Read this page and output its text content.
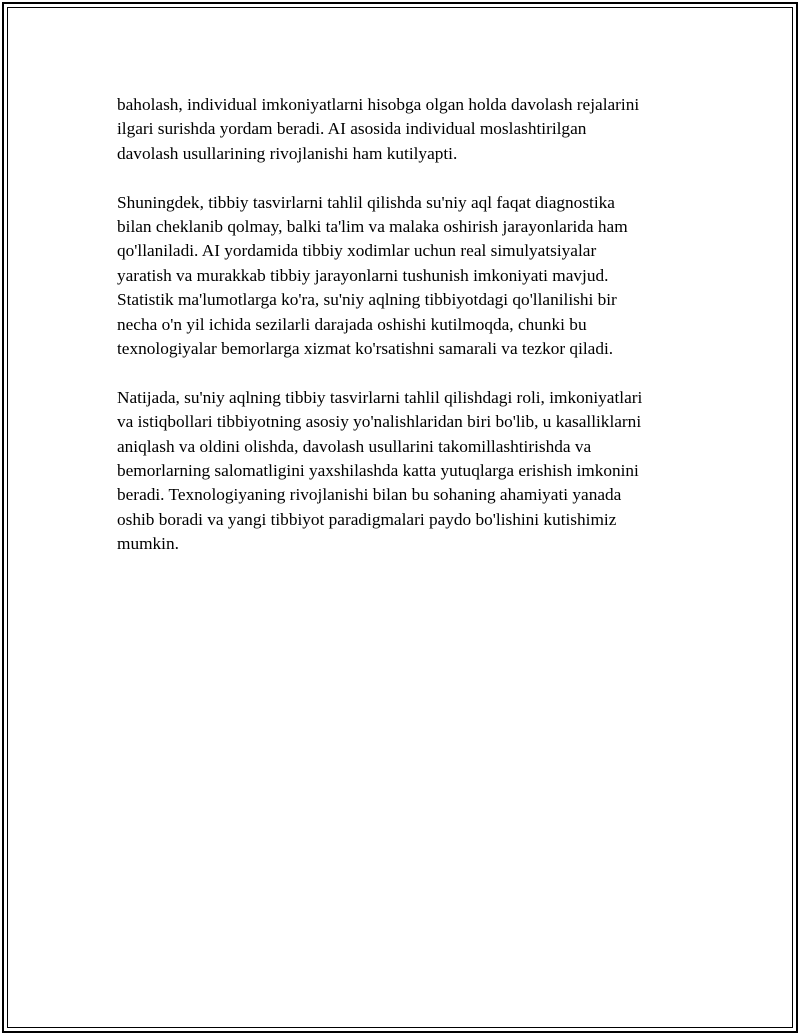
baholash, individual imkoniyatlarni hisobga olgan holda davolash rejalarini
ilgari surishda yordam beradi. AI asosida individual moslashtirilgan
davolash usullarining rivojlanishi ham kutilyapti.
Shuningdek, tibbiy tasvirlarni tahlil qilishda su'niy aql faqat diagnostika
bilan cheklanib qolmay, balki ta'lim va malaka oshirish jarayonlarida ham
qo'llaniladi. AI yordamida tibbiy xodimlar uchun real simulyatsiyalar
yaratish va murakkab tibbiy jarayonlarni tushunish imkoniyati mavjud.
Statistik ma'lumotlarga ko'ra, su'niy aqlning tibbiyotdagi qo'llanilishi bir
necha o'n yil ichida sezilarli darajada oshishi kutilmoqda, chunki bu
texnologiyalar bemorlarga xizmat ko'rsatishni samarali va tezkor qiladi.
Natijada, su'niy aqlning tibbiy tasvirlarni tahlil qilishdagi roli, imkoniyatlari
va istiqbollari tibbiyotning asosiy yo'nalishlaridan biri bo'lib, u kasalliklarni
aniqlash va oldini olishda, davolash usullarini takomillashtirishda va
bemorlarning salomatligini yaxshilashda katta yutuqlarga erishish imkonini
beradi. Texnologiyaning rivojlanishi bilan bu sohaning ahamiyati yanada
oshib boradi va yangi tibbiyot paradigmalari paydo bo'lishini kutishimiz
mumkin.
